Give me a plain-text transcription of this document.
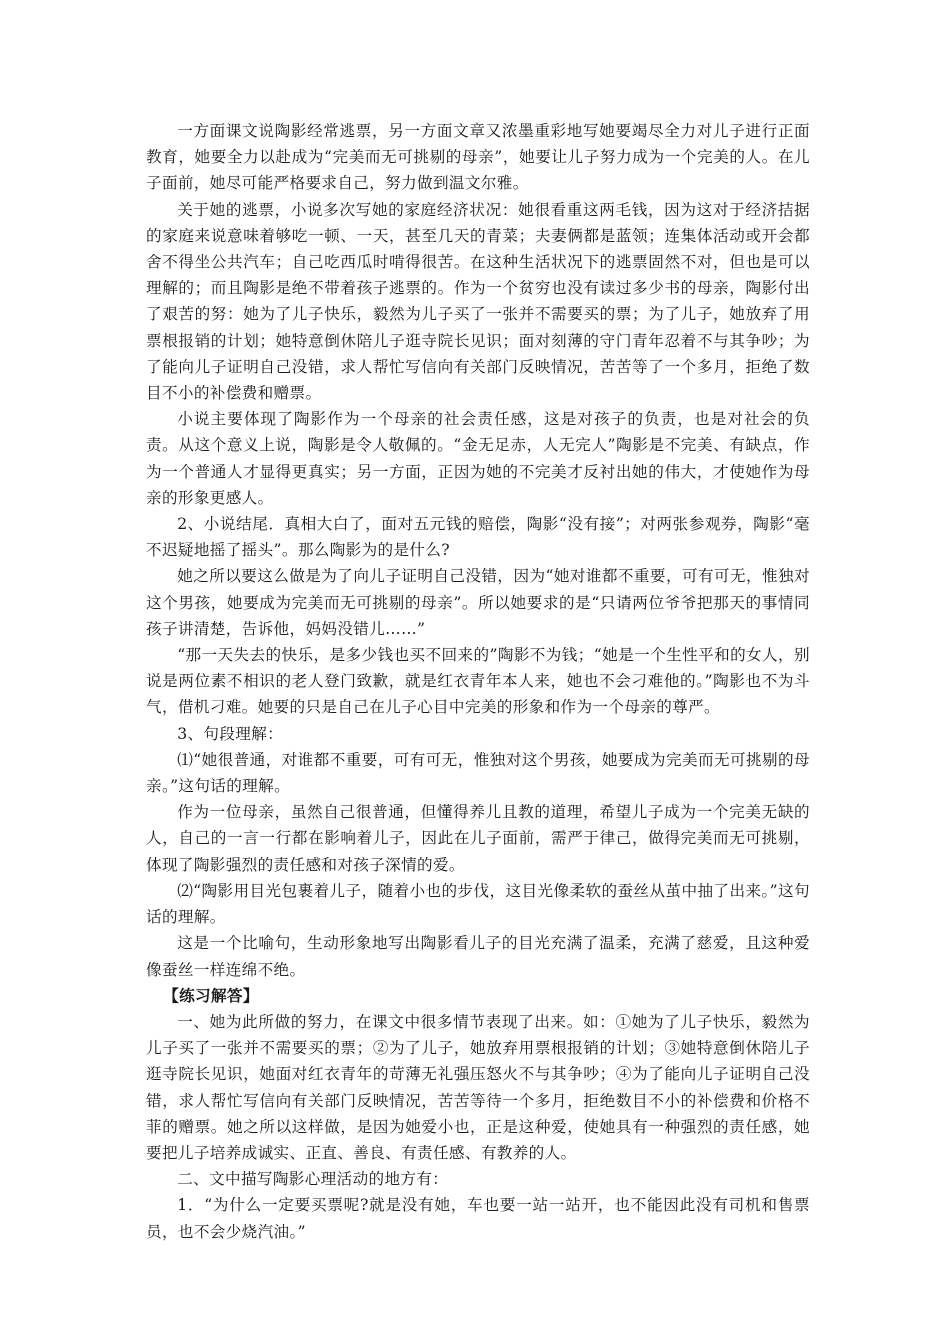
一方面课文说陶影经常逃票，另一方面文章又浓墨重彩地写她要竭尽全力对儿子进行正面教育，她要全力以赴成为“完美而无可挑剔的母亲”，她要让儿子努力成为一个完美的人。在儿子面前，她尽可能严格要求自己，努力做到温文尔雅。

关于她的逃票，小说多次写她的家庭经济状况：她很看重这两毛钱，因为这对于经济拮据的家庭来说意味着够吃一顿、一天，甚至几天的青菜；夫妻俩都是蓝领；连集体活动或开会都舍不得坐公共汽车；自己吃西瓜时啃得很苦。在这种生活状况下的逃票固然不对，但也是可以理解的；而且陶影是绝不带着孩子逃票的。作为一个贫穷也没有读过多少书的母亲，陶影付出了艰苦的努：她为了儿子快乐，毅然为儿子买了一张并不需要买的票；为了儿子，她放弃了用票根报销的计划；她特意倒休陪儿子逛寺院长见识；面对刻薄的守门青年忍着不与其争吵；为了能向儿子证明自己没错，求人帮忙写信向有关部门反映情况，苦苦等了一个多月，拒绝了数目不小的补偿费和赠票。

小说主要体现了陶影作为一个母亲的社会责任感，这是对孩子的负责，也是对社会的负责。从这个意义上说，陶影是令人敬佩的。“金无足赤，人无完人”陶影是不完美、有缺点，作为一个普通人才显得更真实；另一方面，正因为她的不完美才反衬出她的伟大，才使她作为母亲的形象更感人。

2、小说结尾．真相大白了，面对五元钱的赔偿，陶影“没有接”；对两张参观券，陶影“毫不迟疑地摇了摇头”。那么陶影为的是什么?

她之所以要这么做是为了向儿子证明自己没错，因为“她对谁都不重要，可有可无，惟独对这个男孩，她要成为完美而无可挑剔的母亲”。所以她要求的是“只请两位爷爷把那天的事情同孩子讲清楚，告诉他，妈妈没错儿……”

“那一天失去的快乐，是多少钱也买不回来的”陶影不为钱；“她是一个生性平和的女人，别说是两位素不相识的老人登门致歉，就是红衣青年本人来，她也不会刁难他的。”陶影也不为斗气，借机刁难。她要的只是自己在儿子心目中完美的形象和作为一个母亲的尊严。

3、句段理解：

⑴“她很普通，对谁都不重要，可有可无，惟独对这个男孩，她要成为完美而无可挑剔的母亲。”这句话的理解。

作为一位母亲，虽然自己很普通，但懂得养儿且教的道理，希望儿子成为一个完美无缺的人，自己的一言一行都在影响着儿子，因此在儿子面前，需严于律己，做得完美而无可挑剔，体现了陶影强烈的责任感和对孩子深情的爱。

⑵“陶影用目光包裹着儿子，随着小也的步伐，这目光像柔软的蚕丝从茧中抽了出来。”这句话的理解。

这是一个比喻句，生动形象地写出陶影看儿子的目光充满了温柔，充满了慈爱，且这种爱像蚕丝一样连绵不绝。

【练习解答】

一、她为此所做的努力，在课文中很多情节表现了出来。如：①她为了儿子快乐，毅然为儿子买了一张并不需要买的票；②为了儿子，她放弃用票根报销的计划；③她特意倒休陪儿子逛寺院长见识，她面对红衣青年的苛薄无礼强压怒火不与其争吵；④为了能向儿子证明自己没错，求人帮忙写信向有关部门反映情况，苦苦等待一个多月，拒绝数目不小的补偿费和价格不菲的赠票。她之所以这样做，是因为她爱小也，正是这种爱，使她具有一种强烈的责任感，她要把儿子培养成诚实、正直、善良、有责任感、有教养的人。

二、文中描写陶影心理活动的地方有：

1．“为什么一定要买票呢?就是没有她，车也要一站一站开，也不能因此没有司机和售票员，也不会少烧汽油。”
